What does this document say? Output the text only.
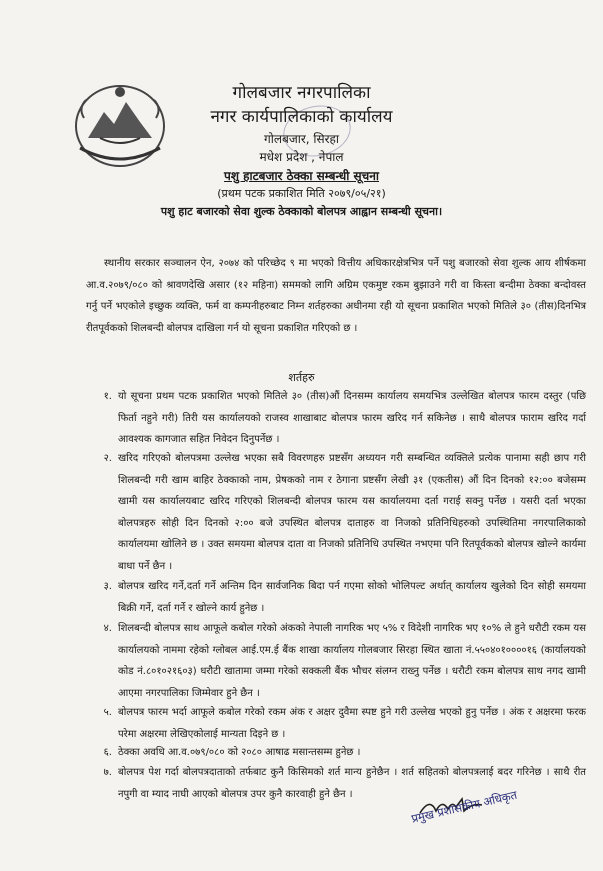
गोलबजार नगरपालिका
नगर कार्यपालिकाको कार्यालय
गोलबजार, सिरहा
मधेश प्रदेश , नेपाल
पशु हाटबजार ठेक्का सम्बन्धी सूचना
(प्रथम पटक प्रकाशित मिति २०७९/०५/२१)
पशु हाट बजारको सेवा शुल्क ठेक्काको बोलपत्र आह्वान सम्बन्धी सूचना।
स्थानीय सरकार सञ्चालन ऐन, २०७४ को परिच्छेद ९ मा भएको वित्तीय अधिकारक्षेत्रभित्र पर्ने पशु बजारको सेवा शुल्क आय शीर्षकमा आ.व.२०७९/०८० को श्रावणदेखि असार (१२ महिना) सममको लागि अग्रिम एकमुष्ट रकम बुझाउने गरी वा किस्ता बन्दीमा ठेक्का बन्दोवस्त गर्नु पर्ने भएकोले इच्छुक व्यक्ति, फर्म वा कम्पनीहरुबाट निम्न शर्तहरुका अधीनमा रही यो सूचना प्रकाशित भएको मितिले ३० (तीस)दिनभित्र रीतपूर्वकको शिलबन्दी बोलपत्र दाखिला गर्न यो सूचना प्रकाशित गरिएको छ ।
शर्तहरु
१. यो सूचना प्रथम पटक प्रकाशित भएको मितिले ३० (तीस)औं दिनसम्म कार्यालय समयभित्र उल्लेखित बोलपत्र फारम दस्तुर (पछि फिर्ता नहुने गरी) तिरी यस कार्यालयको राजस्व शाखाबाट बोलपत्र फारम खरिद गर्न सकिनेछ । साथै बोलपत्र फाराम खरिद गर्दा आवश्यक कागजात सहित निवेदन दिनुपर्नेछ ।
२. खरिद गरिएको बोलपत्रमा उल्लेख भएका सबै विवरणहरु प्रष्टसँग अध्ययन गरी सम्बन्धित व्यक्तिले प्रत्येक पानामा सही छाप गरी शिलबन्दी गरी खाम बाहिर ठेक्काको नाम, प्रेषकको नाम र ठेगाना प्रष्टसँग लेखी ३१ (एकतीस) औं दिन दिनको १२:०० बजेसम्म खामी यस कार्यालयबाट खरिद गरिएको शिलबन्दी बोलपत्र फारम यस कार्यालयमा दर्ता गराई सक्नु पर्नेछ । यसरी दर्ता भएका बोलपत्रहरु सोही दिन दिनको २:०० बजे उपस्थित बोलपत्र दाताहरु वा निजको प्रतिनिधिहरुको उपस्थितिमा नगरपालिकाको कार्यालयमा खोलिने छ । उक्त समयमा बोलपत्र दाता वा निजको प्रतिनिधि उपस्थित नभएमा पनि रितपूर्वकको बोलपत्र खोल्ने कार्यमा बाधा पर्ने छैन ।
३. बोलपत्र खरिद गर्ने,दर्ता गर्ने अन्तिम दिन सार्वजनिक बिदा पर्न गएमा सोको भोलिपल्ट अर्थात् कार्यालय खुलेको दिन सोही समयमा बिक्री गर्ने, दर्ता गर्ने र खोल्ने कार्य हुनेछ ।
४. शिलबन्दी बोलपत्र साथ आफूले कबोल गरेको अंकको नेपाली नागरिक भए ५% र विदेशी नागरिक भए १०% ले हुने धरौटी रकम यस कार्यालयको नाममा रहेको ग्लोबल आई.एम.ई बैंक शाखा कार्यालय गोलबजार सिरहा स्थित खाता नं.५५०४०१००००१६ (कार्यालयको कोड नं.८०१०२१६०३) धरौटी खातामा जम्मा गरेको सक्कली बैंक भौचर संलग्न राख्नु पर्नेछ । धरौटी रकम बोलपत्र साथ नगद खामी आएमा नगरपालिका जिम्मेवार हुने छैन ।
५. बोलपत्र फारम भर्दा आफूले कबोल गरेको रकम अंक र अक्षर दुवैमा स्पष्ट हुने गरी उल्लेख भएको हुनु पर्नेछ । अंक र अक्षरमा फरक परेमा अक्षरमा लेखिएकोलाई मान्यता दिइने छ ।
६. ठेक्का अवधि आ.व.०७९/०८० को २०८० आषाढ मसान्तसम्म हुनेछ ।
७. बोलपत्र पेश गर्दा बोलपत्रदाताको तर्फबाट कुनै किसिमको शर्त मान्य हुनेछैन । शर्त सहितको बोलपत्रलाई बदर गरिनेछ । साथै रीत नपुगी वा म्याद नाघी आएको बोलपत्र उपर कुनै कारवाही हुने छैन ।	प्रमुख प्रशासकीय अधिकृत
